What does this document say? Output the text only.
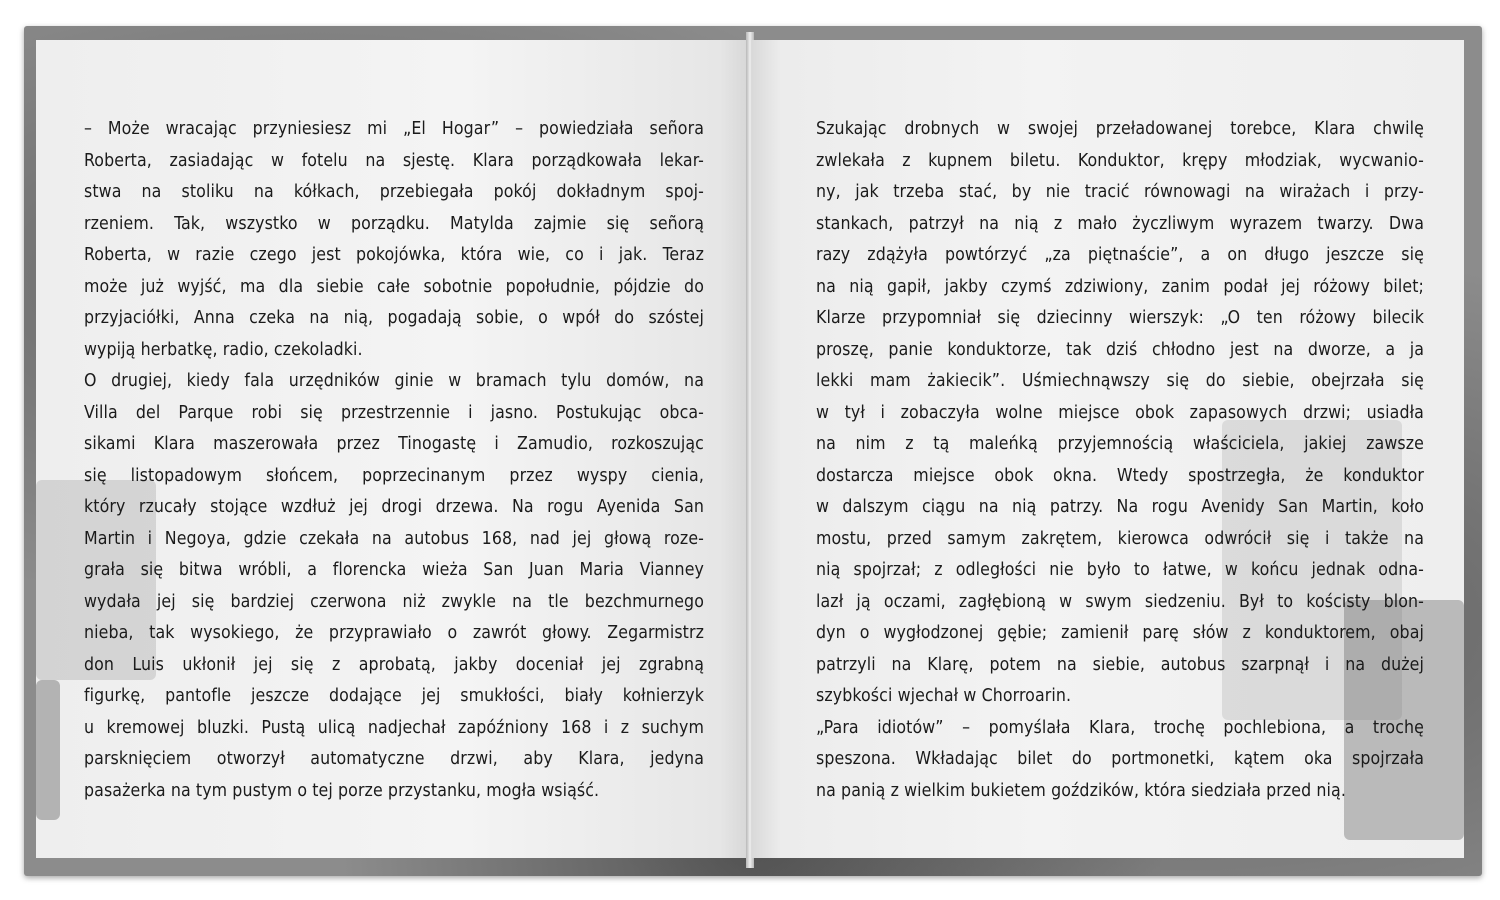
– Może wracając przyniesiesz mi „El Hogar” – powiedziała señora
Roberta, zasiadając w fotelu na sjestę. Klara porządkowała lekar-
stwa na stoliku na kółkach, przebiegała pokój dokładnym spoj-
rzeniem. Tak, wszystko w porządku. Matylda zajmie się señorą
Roberta, w razie czego jest pokojówka, która wie, co i jak. Teraz
może już wyjść, ma dla siebie całe sobotnie popołudnie, pójdzie do
przyjaciółki, Anna czeka na nią, pogadają sobie, o wpół do szóstej
wypiją herbatkę, radio, czekoladki.
O drugiej, kiedy fala urzędników ginie w bramach tylu domów, na
Villa del Parque robi się przestrzennie i jasno. Postukując obca-
sikami Klara maszerowała przez Tinogastę i Zamudio, rozkoszując
się listopadowym słońcem, poprzecinanym przez wyspy cienia,
który rzucały stojące wzdłuż jej drogi drzewa. Na rogu Ayenida San
Martin i Negoya, gdzie czekała na autobus 168, nad jej głową roze-
grała się bitwa wróbli, a florencka wieża San Juan Maria Vianney
wydała jej się bardziej czerwona niż zwykle na tle bezchmurnego
nieba, tak wysokiego, że przyprawiało o zawrót głowy. Zegarmistrz
don Luis ukłonił jej się z aprobatą, jakby doceniał jej zgrabną
figurkę, pantofle jeszcze dodające jej smukłości, biały kołnierzyk
u kremowej bluzki. Pustą ulicą nadjechał zapóźniony 168 i z suchym
parsknięciem otworzył automatyczne drzwi, aby Klara, jedyna
pasażerka na tym pustym o tej porze przystanku, mogła wsiąść.
Szukając drobnych w swojej przeładowanej torebce, Klara chwilę
zwlekała z kupnem biletu. Konduktor, krępy młodziak, wycwanio-
ny, jak trzeba stać, by nie tracić równowagi na wirażach i przy-
stankach, patrzył na nią z mało życzliwym wyrazem twarzy. Dwa
razy zdążyła powtórzyć „za piętnaście”, a on długo jeszcze się
na nią gapił, jakby czymś zdziwiony, zanim podał jej różowy bilet;
Klarze przypomniał się dziecinny wierszyk: „O ten różowy bilecik
proszę, panie konduktorze, tak dziś chłodno jest na dworze, a ja
lekki mam żakiecik”. Uśmiechnąwszy się do siebie, obejrzała się
w tył i zobaczyła wolne miejsce obok zapasowych drzwi; usiadła
na nim z tą maleńką przyjemnością właściciela, jakiej zawsze
dostarcza miejsce obok okna. Wtedy spostrzegła, że konduktor
w dalszym ciągu na nią patrzy. Na rogu Avenidy San Martin, koło
mostu, przed samym zakrętem, kierowca odwrócił się i także na
nią spojrzał; z odległości nie było to łatwe, w końcu jednak odna-
lazł ją oczami, zagłębioną w swym siedzeniu. Był to kościsty blon-
dyn o wygłodzonej gębie; zamienił parę słów z konduktorem, obaj
patrzyli na Klarę, potem na siebie, autobus szarpnął i na dużej
szybkości wjechał w Chorroarin.
„Para idiotów” – pomyślała Klara, trochę pochlebiona, a trochę
speszona. Wkładając bilet do portmonetki, kątem oka spojrzała
na panią z wielkim bukietem goździków, która siedziała przed nią.
